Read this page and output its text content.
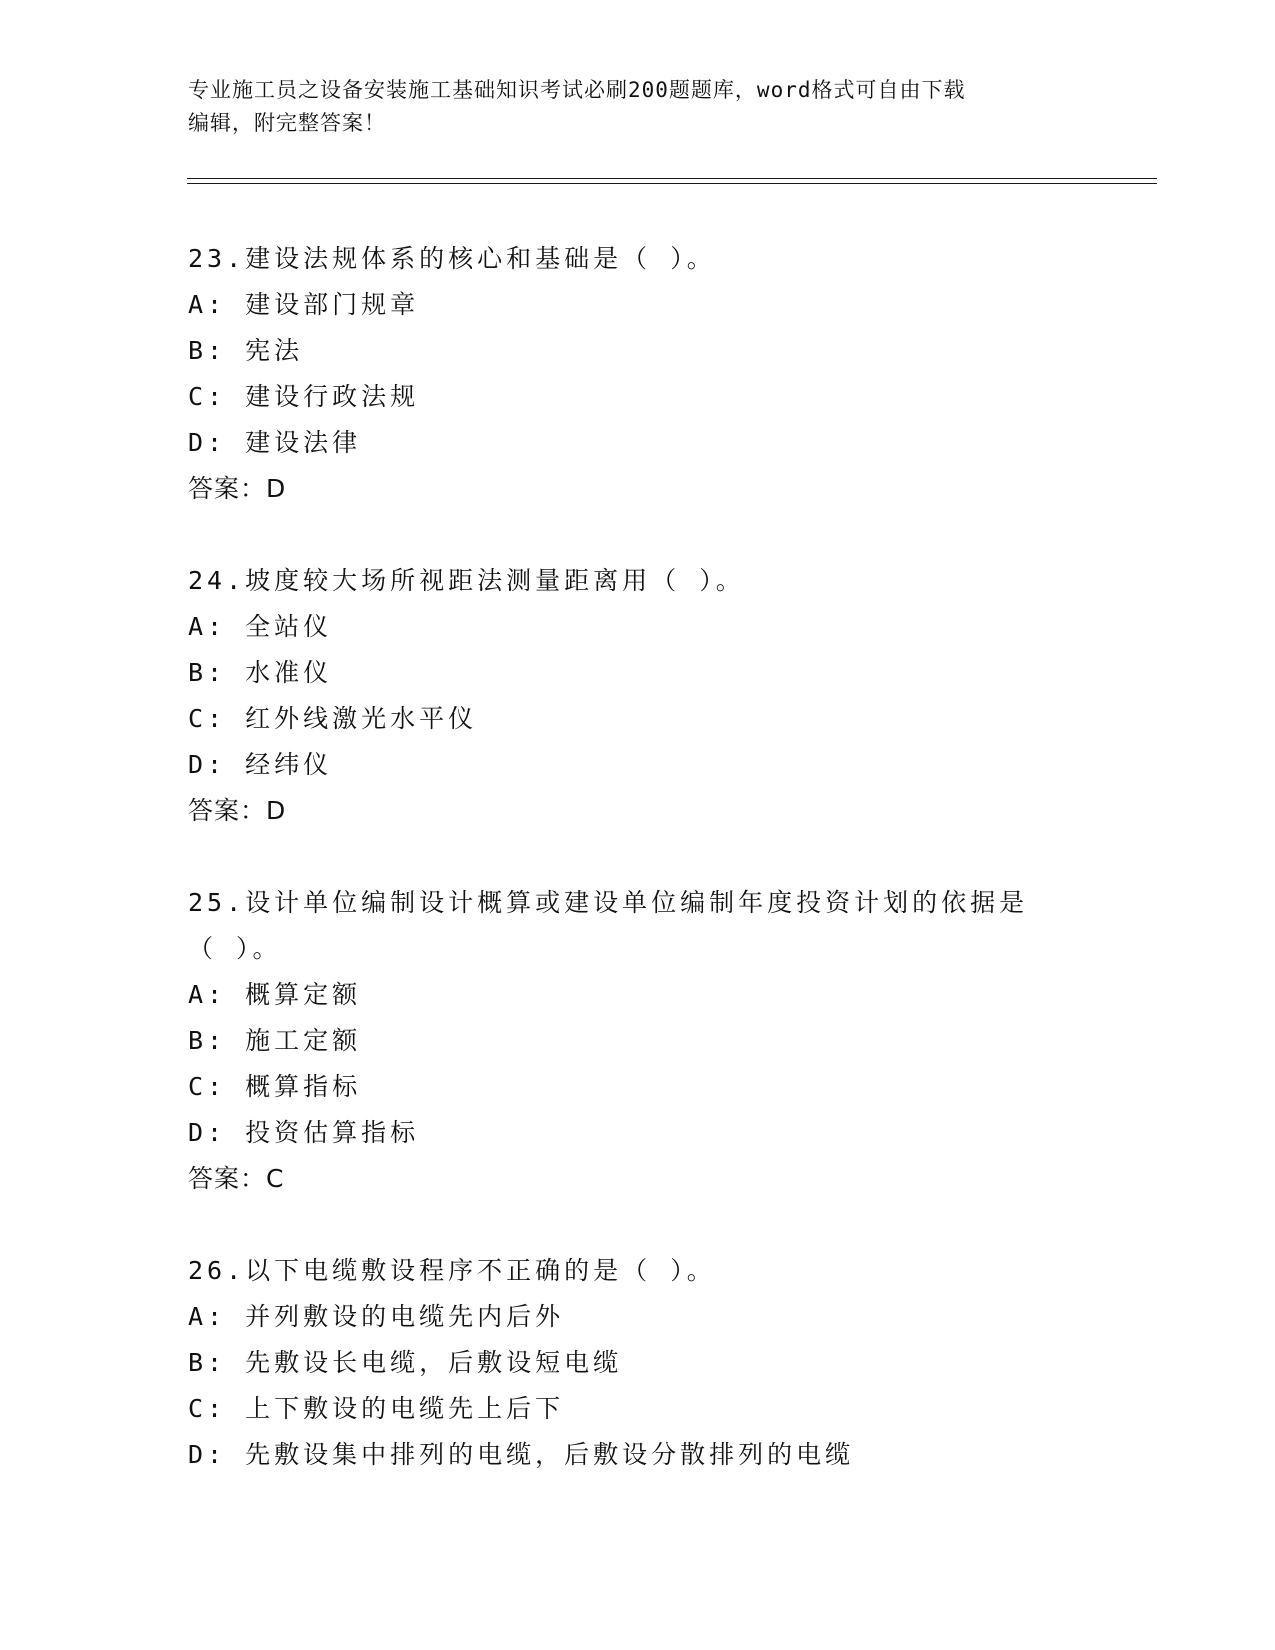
专业施工员之设备安装施工基础知识考试必刷200题题库，word格式可自由下载
编辑，附完整答案！
23.建设法规体系的核心和基础是（ ）。
A: 建设部门规章
B: 宪法
C: 建设行政法规
D: 建设法律
答案：D
24.坡度较大场所视距法测量距离用（ ）。
A: 全站仪
B: 水准仪
C: 红外线激光水平仪
D: 经纬仪
答案：D
25.设计单位编制设计概算或建设单位编制年度投资计划的依据是（ ）。
A: 概算定额
B: 施工定额
C: 概算指标
D: 投资估算指标
答案：C
26.以下电缆敷设程序不正确的是（ ）。
A: 并列敷设的电缆先内后外
B: 先敷设长电缆，后敷设短电缆
C: 上下敷设的电缆先上后下
D: 先敷设集中排列的电缆，后敷设分散排列的电缆
